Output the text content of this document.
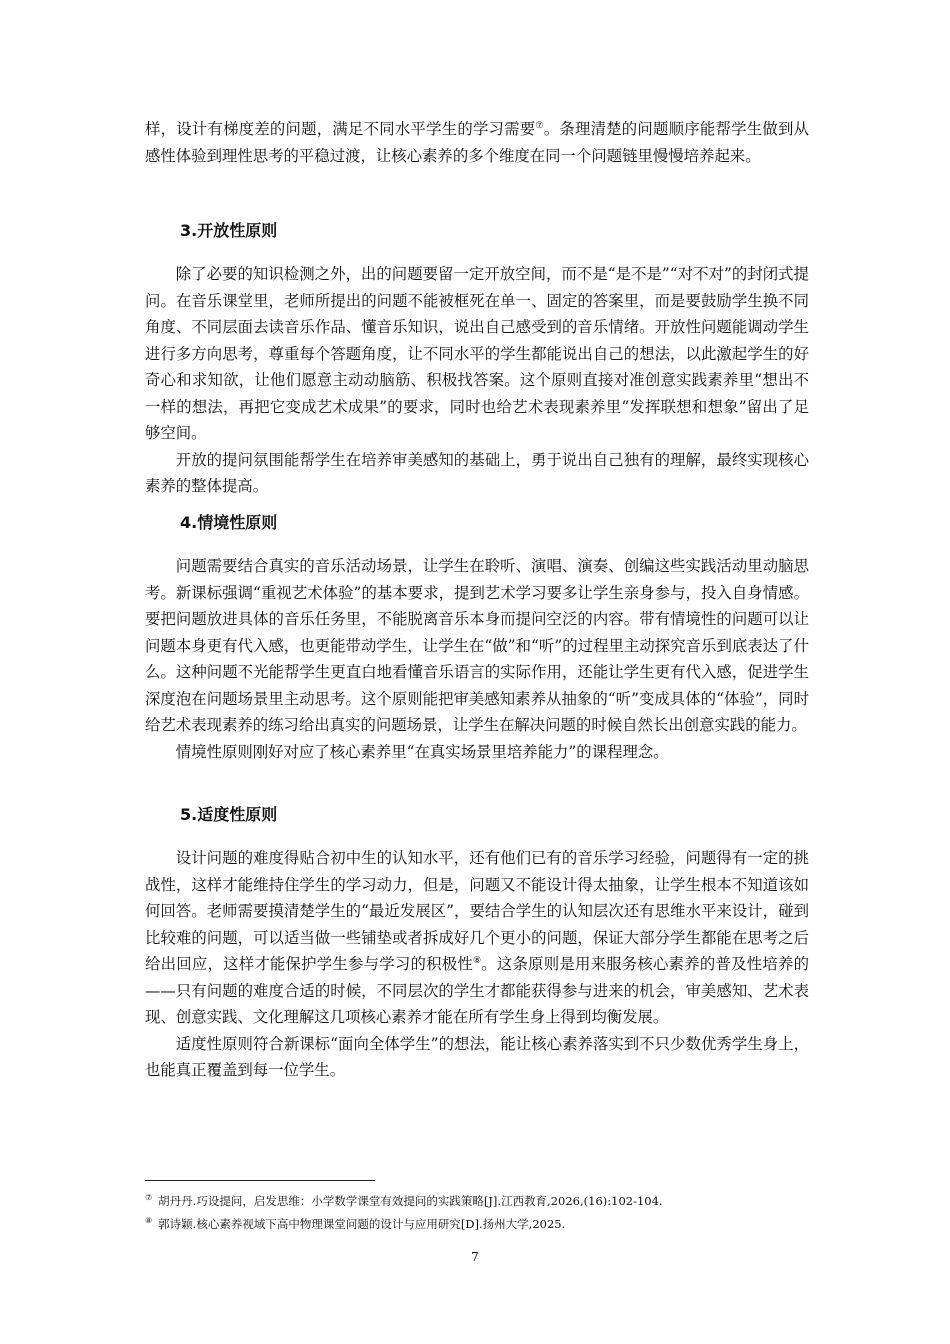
样，设计有梯度差的问题，满足不同水平学生的学习需要⑦。条理清楚的问题顺序能帮学生做到从感性体验到理性思考的平稳过渡，让核心素养的多个维度在同一个问题链里慢慢培养起来。

3.开放性原则

除了必要的知识检测之外，出的问题要留一定开放空间，而不是“是不是”“对不对”的封闭式提问。在音乐课堂里，老师所提出的问题不能被框死在单一、固定的答案里，而是要鼓励学生换不同角度、不同层面去读音乐作品、懂音乐知识，说出自己感受到的音乐情绪。开放性问题能调动学生进行多方向思考，尊重每个答题角度，让不同水平的学生都能说出自己的想法，以此激起学生的好奇心和求知欲，让他们愿意主动动脑筋、积极找答案。这个原则直接对准创意实践素养里“想出不一样的想法，再把它变成艺术成果”的要求，同时也给艺术表现素养里“发挥联想和想象”留出了足够空间。

开放的提问氛围能帮学生在培养审美感知的基础上，勇于说出自己独有的理解，最终实现核心素养的整体提高。

4.情境性原则

问题需要结合真实的音乐活动场景，让学生在聆听、演唱、演奏、创编这些实践活动里动脑思考。新课标强调“重视艺术体验”的基本要求，提到艺术学习要多让学生亲身参与，投入自身情感。要把问题放进具体的音乐任务里，不能脱离音乐本身而提问空泛的内容。带有情境性的问题可以让问题本身更有代入感，也更能带动学生，让学生在“做”和“听”的过程里主动探究音乐到底表达了什么。这种问题不光能帮学生更直白地看懂音乐语言的实际作用，还能让学生更有代入感，促进学生深度泡在问题场景里主动思考。这个原则能把审美感知素养从抽象的“听”变成具体的“体验”，同时给艺术表现素养的练习给出真实的问题场景，让学生在解决问题的时候自然长出创意实践的能力。

情境性原则刚好对应了核心素养里“在真实场景里培养能力”的课程理念。

5.适度性原则

设计问题的难度得贴合初中生的认知水平，还有他们已有的音乐学习经验，问题得有一定的挑战性，这样才能维持住学生的学习动力，但是，问题又不能设计得太抽象，让学生根本不知道该如何回答。老师需要摸清楚学生的“最近发展区”，要结合学生的认知层次还有思维水平来设计，碰到比较难的问题，可以适当做一些铺垫或者拆成好几个更小的问题，保证大部分学生都能在思考之后给出回应，这样才能保护学生参与学习的积极性⑧。这条原则是用来服务核心素养的普及性培养的——只有问题的难度合适的时候，不同层次的学生才都能获得参与进来的机会，审美感知、艺术表现、创意实践、文化理解这几项核心素养才能在所有学生身上得到均衡发展。

适度性原则符合新课标“面向全体学生”的想法，能让核心素养落实到不只少数优秀学生身上，也能真正覆盖到每一位学生。

⑦ 胡丹丹.巧设提问，启发思维：小学数学课堂有效提问的实践策略[J].江西教育,2026,(16):102-104.
⑧ 郭诗颖.核心素养视域下高中物理课堂问题的设计与应用研究[D].扬州大学,2025.
7
